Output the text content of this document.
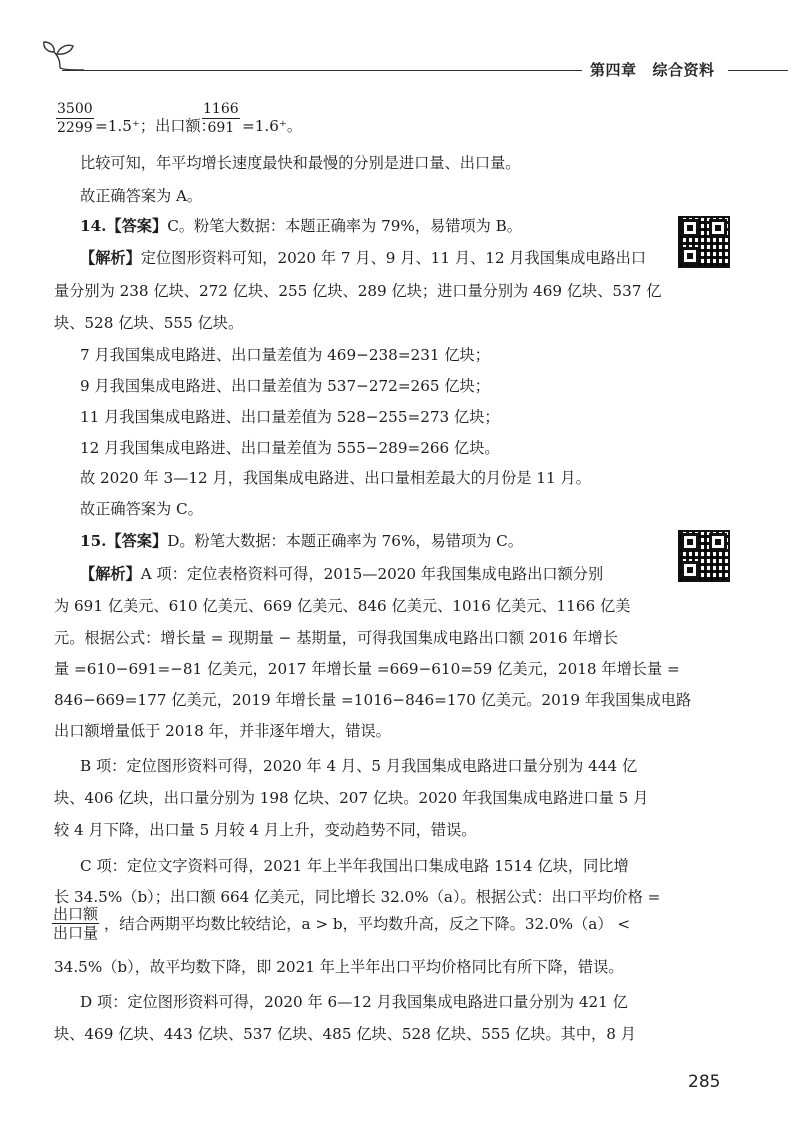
第四章 综合资料
$\frac{3500}{2299} =1.5^+$；出口额：
$\frac{1166}{691} =1.6^+$。
比较可知，年平均增长速度最快和最慢的分别是进口量、出口量。
故正确答案为 A。
14.【答案】C。粉笔大数据：本题正确率为 79%，易错项为 B。
【解析】定位图形资料可知，2020 年 7 月、9 月、11 月、12 月我国集成电路出口
量分别为 238 亿块、272 亿块、255 亿块、289 亿块；进口量分别为 469 亿块、537 亿
块、528 亿块、555 亿块。
7 月我国集成电路进、出口量差值为 469−238=231 亿块；
9 月我国集成电路进、出口量差值为 537−272=265 亿块；
11 月我国集成电路进、出口量差值为 528−255=273 亿块；
12 月我国集成电路进、出口量差值为 555−289=266 亿块。
故 2020 年 3—12 月，我国集成电路进、出口量相差最大的月份是 11 月。
故正确答案为 C。
15.【答案】D。粉笔大数据：本题正确率为 76%，易错项为 C。
【解析】A 项：定位表格资料可得，2015—2020 年我国集成电路出口额分别
为 691 亿美元、610 亿美元、669 亿美元、846 亿美元、1016 亿美元、1166 亿美
元。根据公式：增长量 = 现期量 − 基期量，可得我国集成电路出口额 2016 年增长
量 =610−691=−81 亿美元，2017 年增长量 =669−610=59 亿美元，2018 年增长量 =
846−669=177 亿美元，2019 年增长量 =1016−846=170 亿美元。2019 年我国集成电路
出口额增量低于 2018 年，并非逐年增大，错误。
B 项：定位图形资料可得，2020 年 4 月、5 月我国集成电路进口量分别为 444 亿
块、406 亿块，出口量分别为 198 亿块、207 亿块。2020 年我国集成电路进口量 5 月
较 4 月下降，出口量 5 月较 4 月上升，变动趋势不同，错误。
C 项：定位文字资料可得，2021 年上半年我国出口集成电路 1514 亿块，同比增
长 34.5%（b）；出口额 664 亿美元，同比增长 32.0%（a）。根据公式：出口平均价格 =
出口额
出口量 ，结合两期平均数比较结论，a > b，平均数升高，反之下降。32.0%（a） <
34.5%（b），故平均数下降，即 2021 年上半年出口平均价格同比有所下降，错误。
D 项：定位图形资料可得，2020 年 6—12 月我国集成电路进口量分别为 421 亿
块、469 亿块、443 亿块、537 亿块、485 亿块、528 亿块、555 亿块。其中，8 月
285
